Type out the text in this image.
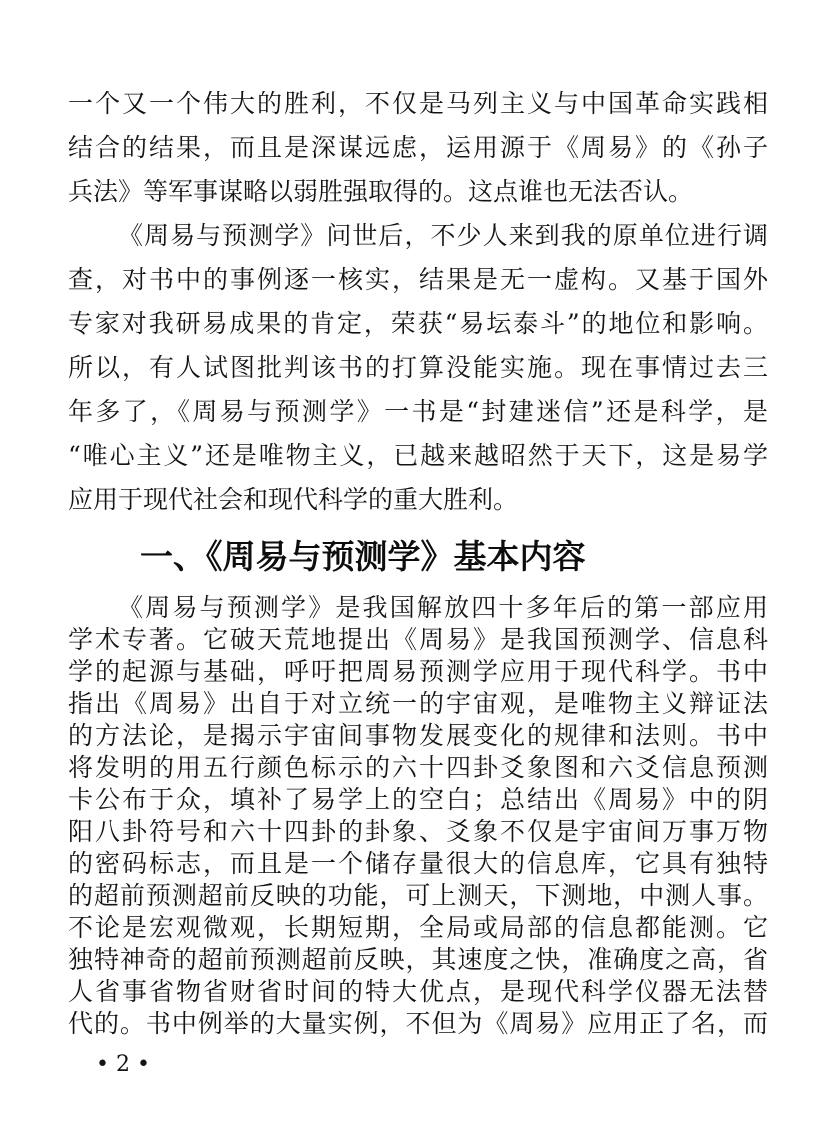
一、《周易与预测学》基本内容
• 2 •
一个又一个伟大的胜利，不仅是马列主义与中国革命实践相
结合的结果，而且是深谋远虑，运用源于《周易》的《孙子
兵法》等军事谋略以弱胜强取得的。这点谁也无法否认。
《周易与预测学》问世后，不少人来到我的原单位进行调
查，对书中的事例逐一核实，结果是无一虚构。又基于国外
专家对我研易成果的肯定，荣获“易坛泰斗”的地位和影响。
所以，有人试图批判该书的打算没能实施。现在事情过去三
年多了，《周易与预测学》一书是“封建迷信”还是科学，是
“唯心主义”还是唯物主义，已越来越昭然于天下，这是易学
应用于现代社会和现代科学的重大胜利。
《周易与预测学》是我国解放四十多年后的第一部应用
学术专著。它破天荒地提出《周易》是我国预测学、信息科
学的起源与基础，呼吁把周易预测学应用于现代科学。书中
指出《周易》出自于对立统一的宇宙观，是唯物主义辩证法
的方法论，是揭示宇宙间事物发展变化的规律和法则。书中
将发明的用五行颜色标示的六十四卦爻象图和六爻信息预测
卡公布于众，填补了易学上的空白；总结出《周易》中的阴
阳八卦符号和六十四卦的卦象、爻象不仅是宇宙间万事万物
的密码标志，而且是一个储存量很大的信息库，它具有独特
的超前预测超前反映的功能，可上测天，下测地，中测人事。
不论是宏观微观，长期短期，全局或局部的信息都能测。它
独特神奇的超前预测超前反映，其速度之快，准确度之高，省
人省事省物省财省时间的特大优点，是现代科学仪器无法替
代的。书中例举的大量实例，不但为《周易》应用正了名，而
